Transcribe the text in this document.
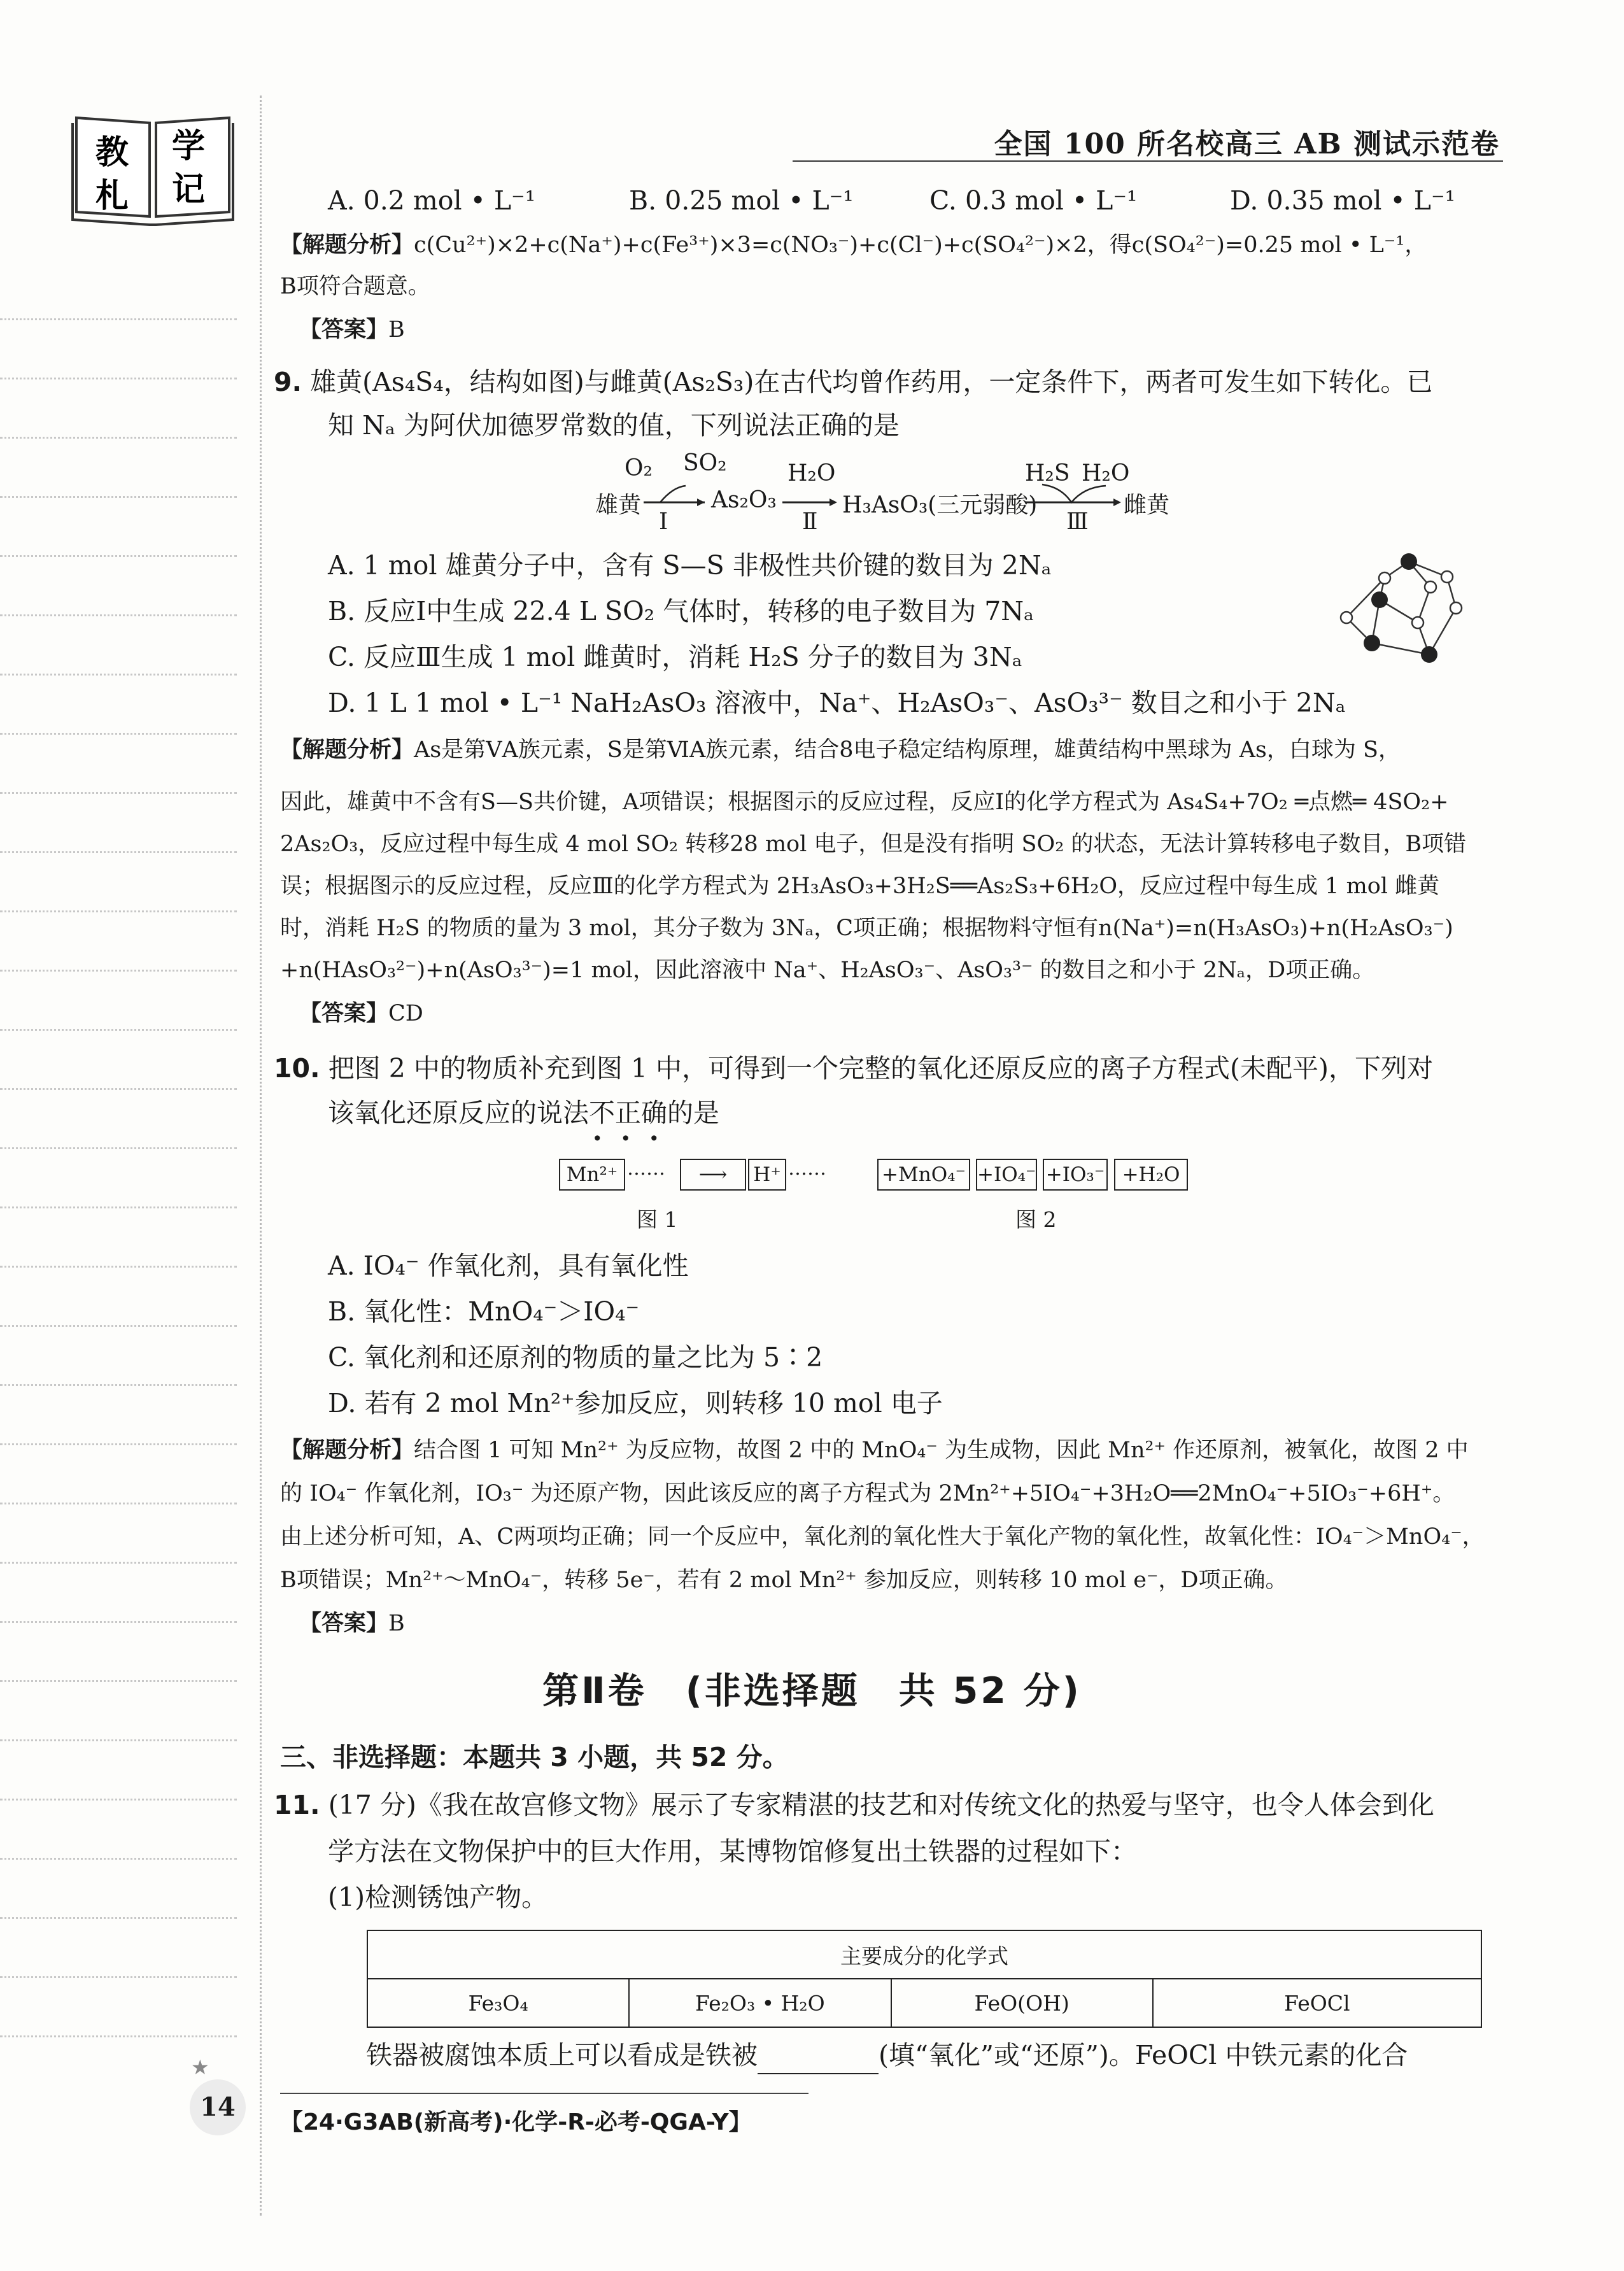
教 学
札 记
全国 100 所名校高三 AB 测试示范卷
A. 0.2 mol • L⁻¹	B. 0.25 mol • L⁻¹	C. 0.3 mol • L⁻¹	D. 0.35 mol • L⁻¹
【解题分析】c(Cu²⁺)×2+c(Na⁺)+c(Fe³⁺)×3=c(NO₃⁻)+c(Cl⁻)+c(SO₄²⁻)×2，得c(SO₄²⁻)=0.25 mol • L⁻¹，
B项符合题意。
【答案】B
9. 雄黄(As₄S₄，结构如图)与雌黄(As₂S₃)在古代均曾作药用，一定条件下，两者可发生如下转化。已
知 Nₐ 为阿伏加德罗常数的值，下列说法正确的是
O₂ SO₂
雄黄
Ⅰ
As₂O₃
H₂O
Ⅱ
H₃AsO₃(三元弱酸)
H₂S H₂O
Ⅲ
雌黄
A. 1 mol 雄黄分子中，含有 S—S 非极性共价键的数目为 2Nₐ
B. 反应Ⅰ中生成 22.4 L SO₂ 气体时，转移的电子数目为 7Nₐ
C. 反应Ⅲ生成 1 mol 雌黄时，消耗 H₂S 分子的数目为 3Nₐ
D. 1 L 1 mol • L⁻¹ NaH₂AsO₃ 溶液中，Na⁺、H₂AsO₃⁻、AsO₃³⁻ 数目之和小于 2Nₐ
【解题分析】As是第ⅤA族元素，S是第ⅥA族元素，结合8电子稳定结构原理，雄黄结构中黑球为 As，白球为 S，
因此，雄黄中不含有S—S共价键，A项错误；根据图示的反应过程，反应Ⅰ的化学方程式为 As₄S₄+7O₂ ═点燃═ 4SO₂+
2As₂O₃，反应过程中每生成 4 mol SO₂ 转移28 mol 电子，但是没有指明 SO₂ 的状态，无法计算转移电子数目，B项错
误；根据图示的反应过程，反应Ⅲ的化学方程式为 2H₃AsO₃+3H₂S══As₂S₃+6H₂O，反应过程中每生成 1 mol 雌黄
时，消耗 H₂S 的物质的量为 3 mol，其分子数为 3Nₐ，C项正确；根据物料守恒有n(Na⁺)=n(H₃AsO₃)+n(H₂AsO₃⁻)
+n(HAsO₃²⁻)+n(AsO₃³⁻)=1 mol，因此溶液中 Na⁺、H₂AsO₃⁻、AsO₃³⁻ 的数目之和小于 2Nₐ，D项正确。
【答案】CD
10. 把图 2 中的物质补充到图 1 中，可得到一个完整的氧化还原反应的离子方程式(未配平)，下列对
该氧化还原反应的说法不正确的是
•••
Mn²⁺ ……	⟶	H⁺ ……
图 1
+MnO₄⁻ +IO₄⁻ +IO₃⁻ +H₂O
图 2
A. IO₄⁻ 作氧化剂，具有氧化性
B. 氧化性：MnO₄⁻＞IO₄⁻
C. 氧化剂和还原剂的物质的量之比为 5∶2
D. 若有 2 mol Mn²⁺参加反应，则转移 10 mol 电子
【解题分析】结合图 1 可知 Mn²⁺ 为反应物，故图 2 中的 MnO₄⁻ 为生成物，因此 Mn²⁺ 作还原剂，被氧化，故图 2 中
的 IO₄⁻ 作氧化剂，IO₃⁻ 为还原产物，因此该反应的离子方程式为 2Mn²⁺+5IO₄⁻+3H₂O══2MnO₄⁻+5IO₃⁻+6H⁺。
由上述分析可知，A、C两项均正确；同一个反应中，氧化剂的氧化性大于氧化产物的氧化性，故氧化性：IO₄⁻＞MnO₄⁻，
B项错误；Mn²⁺～MnO₄⁻，转移 5e⁻，若有 2 mol Mn²⁺ 参加反应，则转移 10 mol e⁻，D项正确。
【答案】B
第Ⅱ卷　(非选择题　共 52 分)
三、非选择题：本题共 3 小题，共 52 分。
11. (17 分)《我在故宫修文物》展示了专家精湛的技艺和对传统文化的热爱与坚守，也令人体会到化
学方法在文物保护中的巨大作用，某博物馆修复出土铁器的过程如下：
(1)检测锈蚀产物。
主要成分的化学式
Fe₃O₄	Fe₂O₃ • H₂O	FeO(OH)	FeOCl
铁器被腐蚀本质上可以看成是铁被	(填“氧化”或“还原”)。FeOCl 中铁元素的化合
★
14
【24·G3AB(新高考)·化学-R-必考-QGA-Y】
